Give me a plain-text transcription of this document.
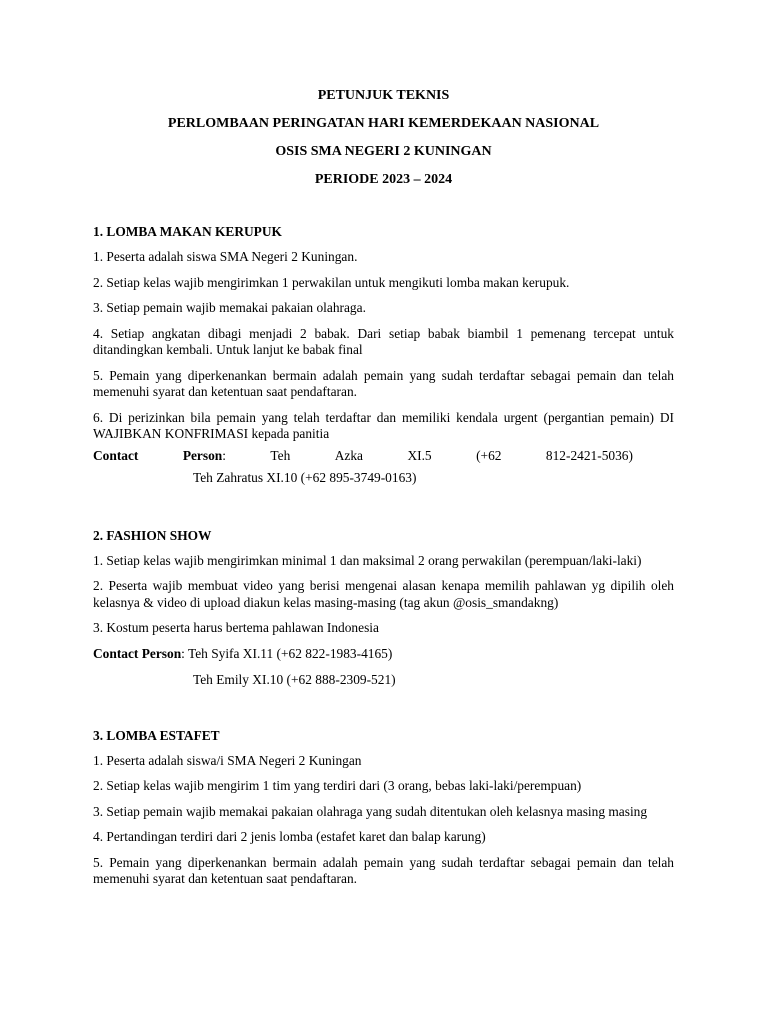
PETUNJUK TEKNIS
PERLOMBAAN PERINGATAN HARI KEMERDEKAAN NASIONAL
OSIS SMA NEGERI 2 KUNINGAN
PERIODE 2023 – 2024
1. LOMBA MAKAN KERUPUK
1. Peserta adalah siswa SMA Negeri 2 Kuningan.
2. Setiap kelas wajib mengirimkan 1 perwakilan untuk mengikuti lomba makan kerupuk.
3. Setiap pemain wajib memakai pakaian olahraga.
4. Setiap angkatan dibagi menjadi 2 babak. Dari setiap babak biambil 1 pemenang tercepat untuk ditandingkan kembali. Untuk lanjut ke babak final
5. Pemain yang diperkenankan bermain adalah pemain yang sudah terdaftar sebagai pemain dan telah memenuhi syarat dan ketentuan saat pendaftaran.
6. Di perizinkan bila pemain yang telah terdaftar dan memiliki kendala urgent (pergantian pemain) DI WAJIBKAN KONFRIMASI kepada panitia
Contact	Person:	Teh	Azka	XI.5	(+62	812-2421-5036)
Teh Zahratus XI.10 (+62 895-3749-0163)
2. FASHION SHOW
1. Setiap kelas wajib mengirimkan minimal 1 dan maksimal 2 orang perwakilan (perempuan/laki-laki)
2. Peserta wajib membuat video yang berisi mengenai alasan kenapa memilih pahlawan yg dipilih oleh kelasnya & video di upload diakun kelas masing-masing (tag akun @osis_smandakng)
3. Kostum peserta harus bertema pahlawan Indonesia
Contact Person : Teh Syifa XI.11 (+62 822-1983-4165)
Teh Emily XI.10 (+62 888-2309-521)
3. LOMBA ESTAFET
1. Peserta adalah siswa/i SMA Negeri 2 Kuningan
2. Setiap kelas wajib mengirim 1 tim yang terdiri dari (3 orang, bebas laki-laki/perempuan)
3. Setiap pemain wajib memakai pakaian olahraga yang sudah ditentukan oleh kelasnya masing masing
4. Pertandingan terdiri dari 2 jenis lomba (estafet karet dan balap karung)
5. Pemain yang diperkenankan bermain adalah pemain yang sudah terdaftar sebagai pemain dan telah memenuhi syarat dan ketentuan saat pendaftaran.
